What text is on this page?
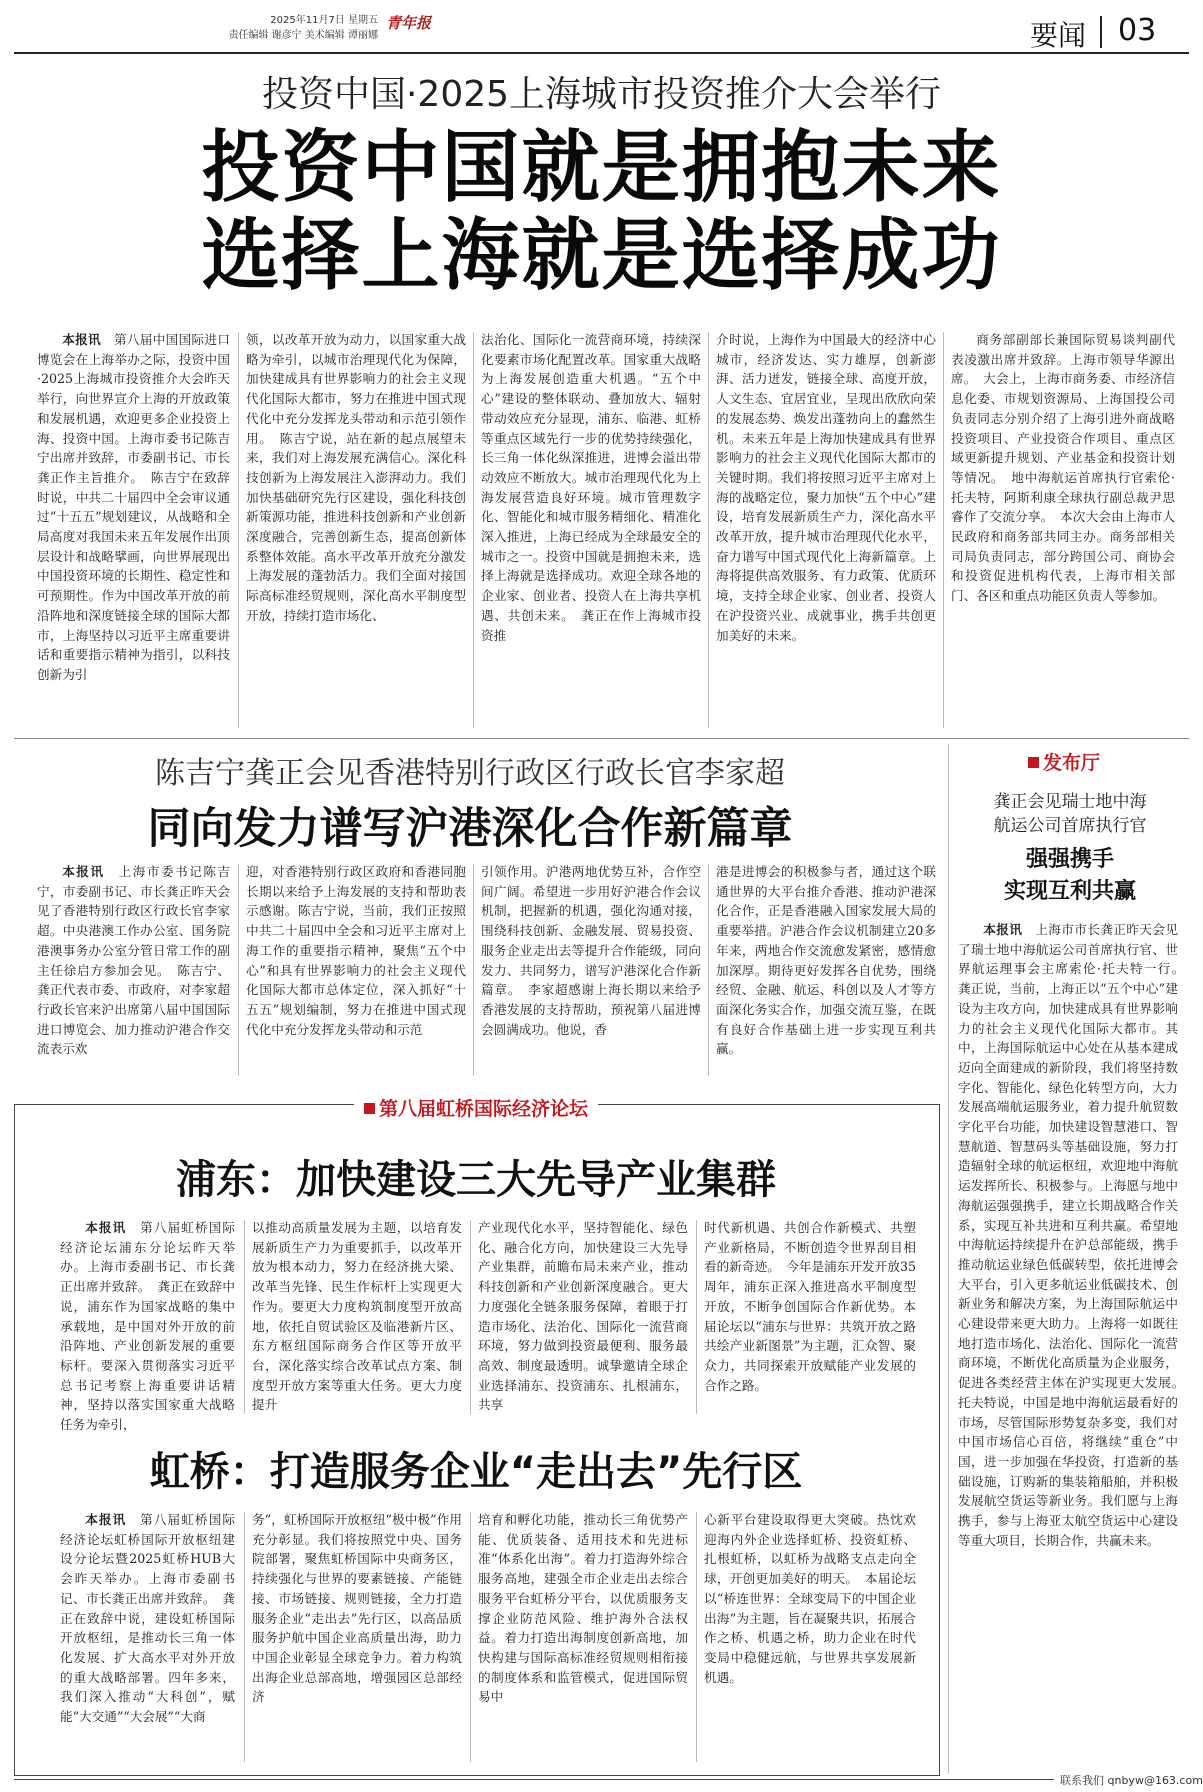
2025年11月7日 星期五
责任编辑 谢彦宁 美术编辑 谭丽娜
青年报	要闻 03
投资中国·2025上海城市投资推介大会举行
投资中国就是拥抱未来
选择上海就是选择成功
本报讯　 第八届中国国际进口博览会在上海举办之际，投资中国·2025上海城市投资推介大会昨天举行，向世界宣介上海的开放政策和发展机遇，欢迎更多企业投资上海、投资中国。上海市委书记陈吉宁出席并致辞，市委副书记、市长龚正作主旨推介。　陈吉宁在致辞时说，中共二十届四中全会审议通过“十五五”规划建议，从战略和全局高度对我国未来五年发展作出顶层设计和战略擘画，向世界展现出中国投资环境的长期性、稳定性和可预期性。作为中国改革开放的前沿阵地和深度链接全球的国际大都市，上海坚持以习近平主席重要讲话和重要指示精神为指引，以科技创新为引
领，以改革开放为动力，以国家重大战略为牵引，以城市治理现代化为保障，加快建成具有世界影响力的社会主义现代化国际大都市，努力在推进中国式现代化中充分发挥龙头带动和示范引领作用。　陈吉宁说，站在新的起点展望未来，我们对上海发展充满信心。深化科技创新为上海发展注入澎湃动力。我们加快基础研究先行区建设，强化科技创新策源功能，推进科技创新和产业创新深度融合，完善创新生态，提高创新体系整体效能。高水平改革开放充分激发上海发展的蓬勃活力。我们全面对接国际高标准经贸规则，深化高水平制度型开放，持续打造市场化、
法治化、国际化一流营商环境，持续深化要素市场化配置改革。国家重大战略为上海发展创造重大机遇。“五个中心”建设的整体联动、叠加放大、辐射带动效应充分显现，浦东、临港、虹桥等重点区域先行一步的优势持续强化，长三角一体化纵深推进，进博会溢出带动效应不断放大。城市治理现代化为上海发展营造良好环境。城市管理数字化、智能化和城市服务精细化、精准化深入推进，上海已经成为全球最安全的城市之一。投资中国就是拥抱未来，选择上海就是选择成功。欢迎全球各地的企业家、创业者、投资人在上海共享机遇、共创未来。　龚正在作上海城市投资推
介时说，上海作为中国最大的经济中心城市，经济发达、实力雄厚，创新澎湃、活力迸发，链接全球、高度开放，人文生态、宜居宜业，呈现出欣欣向荣的发展态势、焕发出蓬勃向上的蠢然生机。未来五年是上海加快建成具有世界影响力的社会主义现代化国际大都市的关键时期。我们将按照习近平主席对上海的战略定位，聚力加快“五个中心”建设，培育发展新质生产力，深化高水平改革开放，提升城市治理现代化水平，奋力谱写中国式现代化上海新篇章。上海将提供高效服务、有力政策、优质环境，支持全球企业家、创业者、投资人在沪投资兴业、成就事业，携手共创更加美好的未来。
商务部副部长兼国际贸易谈判副代表凌激出席并致辞。上海市领导华源出席。　大会上，上海市商务委、市经济信息化委、市规划资源局、上海国投公司负责同志分别介绍了上海引进外商战略投资项目、产业投资合作项目、重点区域更新提升规划、产业基金和投资计划等情况。　地中海航运首席执行官索伦·托夫特，阿斯利康全球执行副总裁尹思睿作了交流分享。　本次大会由上海市人民政府和商务部共同主办。商务部相关司局负责同志，部分跨国公司、商协会和投资促进机构代表，上海市相关部门、各区和重点功能区负责人等参加。
陈吉宁龚正会见香港特别行政区行政长官李家超
同向发力谱写沪港深化合作新篇章
本报讯　 上海市委书记陈吉宁，市委副书记、市长龚正昨天会见了香港特别行政区行政长官李家超。中央港澳工作办公室、国务院港澳事务办公室分管日常工作的副主任徐启方参加会见。　陈吉宁、龚正代表市委、市政府，对李家超行政长官来沪出席第八届中国国际进口博览会、加力推动沪港合作交流表示欢
迎，对香港特别行政区政府和香港同胞长期以来给予上海发展的支持和帮助表示感谢。陈吉宁说，当前，我们正按照中共二十届四中全会和习近平主席对上海工作的重要指示精神，聚焦“五个中心”和具有世界影响力的社会主义现代化国际大都市总体定位，深入抓好“十五五”规划编制，努力在推进中国式现代化中充分发挥龙头带动和示范
引领作用。沪港两地优势互补，合作空间广阔。希望进一步用好沪港合作会议机制，把握新的机遇，强化沟通对接，围绕科技创新、金融发展、贸易投资、服务企业走出去等提升合作能级，同向发力、共同努力，谱写沪港深化合作新篇章。　李家超感谢上海长期以来给予香港发展的支持帮助，预祝第八届进博会圆满成功。他说，香
港是进博会的积极参与者，通过这个联通世界的大平台推介香港、推动沪港深化合作，正是香港融入国家发展大局的重要举措。沪港合作会议机制建立20多年来，两地合作交流愈发紧密，感情愈加深厚。期待更好发挥各自优势，围绕经贸、金融、航运、科创以及人才等方面深化务实合作，加强交流互鉴，在既有良好合作基础上进一步实现互利共赢。
发布厅
龚正会见瑞士地中海
航运公司首席执行官
强强携手
实现互利共赢
本报讯　 上海市市长龚正昨天会见了瑞士地中海航运公司首席执行官、世界航运理事会主席索伦·托夫特一行。　龚正说，当前，上海正以“五个中心”建设为主攻方向，加快建成具有世界影响力的社会主义现代化国际大都市。其中，上海国际航运中心处在从基本建成迈向全面建成的新阶段，我们将坚持数字化、智能化、绿色化转型方向，大力发展高端航运服务业，着力提升航贸数字化平台功能，加快建设智慧港口、智慧航道、智慧码头等基础设施，努力打造辐射全球的航运枢纽，欢迎地中海航运发挥所长、积极参与。上海愿与地中海航运强强携手，建立长期战略合作关系，实现互补共进和互利共赢。希望地中海航运持续提升在沪总部能级，携手推动航运业绿色低碳转型，依托进博会大平台，引入更多航运业低碳技术、创新业务和解决方案，为上海国际航运中心建设带来更大助力。上海将一如既往地打造市场化、法治化、国际化一流营商环境，不断优化高质量为企业服务，促进各类经营主体在沪实现更大发展。　托夫特说，中国是地中海航运最看好的市场，尽管国际形势复杂多变，我们对中国市场信心百倍，将继续“重仓”中国，进一步加强在华投资，打造新的基础设施，订购新的集装箱船舶，并积极发展航空货运等新业务。我们愿与上海携手，参与上海亚太航空货运中心建设等重大项目，长期合作，共赢未来。
第八届虹桥国际经济论坛
浦东：加快建设三大先导产业集群
本报讯　 第八届虹桥国际经济论坛浦东分论坛昨天举办。上海市委副书记、市长龚正出席并致辞。　龚正在致辞中说，浦东作为国家战略的集中承载地，是中国对外开放的前沿阵地、产业创新发展的重要标杆。要深入贯彻落实习近平总书记考察上海重要讲话精神，坚持以落实国家重大战略任务为牵引，
以推动高质量发展为主题，以培育发展新质生产力为重要抓手，以改革开放为根本动力，努力在经济挑大梁、改革当先锋、民生作标杆上实现更大作为。要更大力度构筑制度型开放高地，依托自贸试验区及临港新片区、东方枢纽国际商务合作区等开放平台，深化落实综合改革试点方案、制度型开放方案等重大任务。更大力度提升
产业现代化水平，坚持智能化、绿色化、融合化方向，加快建设三大先导产业集群，前瞻布局未来产业，推动科技创新和产业创新深度融合。更大力度强化全链条服务保障，着眼于打造市场化、法治化、国际化一流营商环境，努力做到投资最便利、服务最高效、制度最透明。诚挚邀请全球企业选择浦东、投资浦东、扎根浦东，共享
时代新机遇、共创合作新模式、共塑产业新格局，不断创造令世界刮目相看的新奇迹。　今年是浦东开发开放35周年，浦东正深入推进高水平制度型开放，不断争创国际合作新优势。本届论坛以“浦东与世界：共筑开放之路 共绘产业新图景”为主题，汇众智、聚众力，共同探索开放赋能产业发展的合作之路。
虹桥：打造服务企业“走出去”先行区
本报讯　 第八届虹桥国际经济论坛虹桥国际开放枢纽建设分论坛暨2025虹桥HUB大会昨天举办。上海市委副书记、市长龚正出席并致辞。　龚正在致辞中说，建设虹桥国际开放枢纽，是推动长三角一体化发展、扩大高水平对外开放的重大战略部署。四年多来，我们深入推动“大科创”，赋能“大交通”“大会展”“大商
务”，虹桥国际开放枢纽“极中极”作用充分彰显。我们将按照党中央、国务院部署，聚焦虹桥国际中央商务区，持续强化与世界的要素链接、产能链接、市场链接、规则链接，全力打造服务企业“走出去”先行区，以高品质服务护航中国企业高质量出海，助力中国企业彰显全球竞争力。着力构筑出海企业总部高地，增强园区总部经济
培育和孵化功能，推动长三角优势产能、优质装备、适用技术和先进标准“体系化出海”。着力打造海外综合服务高地，建强全市企业走出去综合服务平台虹桥分平台，以优质服务支撑企业防范风险、维护海外合法权益。着力打造出海制度创新高地，加快构建与国际高标准经贸规则相衔接的制度体系和监管模式，促进国际贸易中
心新平台建设取得更大突破。热忱欢迎海内外企业选择虹桥、投资虹桥、扎根虹桥，以虹桥为战略支点走向全球，开创更加美好的明天。　本届论坛以“桥连世界：全球变局下的中国企业出海”为主题，旨在凝聚共识，拓展合作之桥、机遇之桥，助力企业在时代变局中稳健远航，与世界共享发展新机遇。
联系我们 qnbyw@163.com
